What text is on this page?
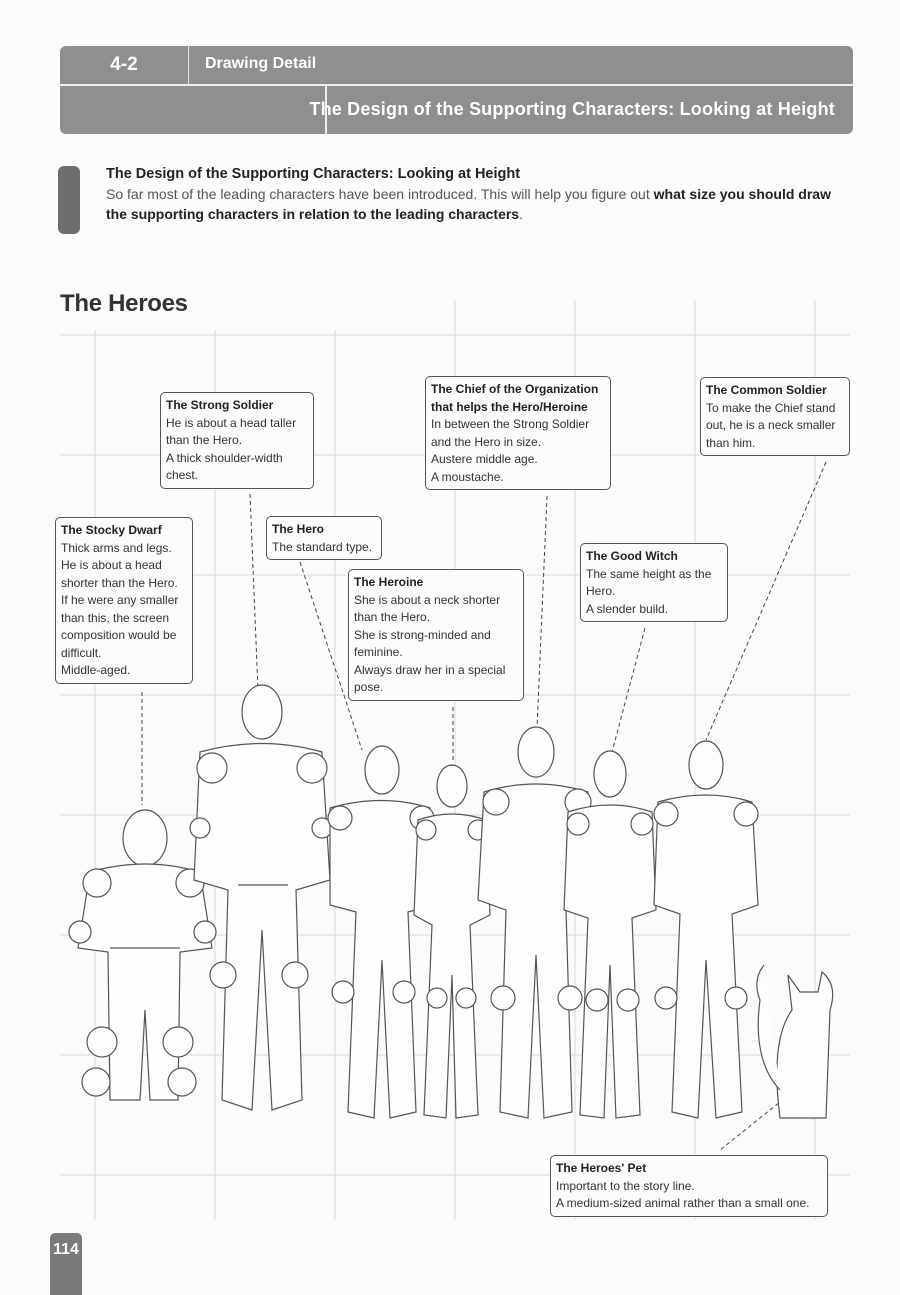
4-2	Drawing Detail
The Design of the Supporting Characters: Looking at Height

The Design of the Supporting Characters: Looking at Height

So far most of the leading characters have been introduced. This will help you figure out what size you should draw the supporting characters in relation to the leading characters.

The Heroes
The Strong Soldier
He is about a head taller
than the Hero.
A thick shoulder-width
chest.
The Stocky Dwarf
Thick arms and legs.
He is about a head
shorter than the Hero.
If he were any smaller
than this, the screen
composition would be
difficult.
Middle-aged.
The Hero
The standard type.
The Heroine
She is about a neck shorter
than the Hero.
She is strong-minded and
feminine.
Always draw her in a special
pose.
The Chief of the Organization
that helps the Hero/Heroine
In between the Strong Soldier
and the Hero in size.
Austere middle age.
A moustache.
The Common Soldier
To make the Chief stand
out, he is a neck smaller
than him.
The Good Witch
The same height as the
Hero.
A slender build.
The Heroes' Pet
Important to the story line.
A medium-sized animal rather than a small one.
114
